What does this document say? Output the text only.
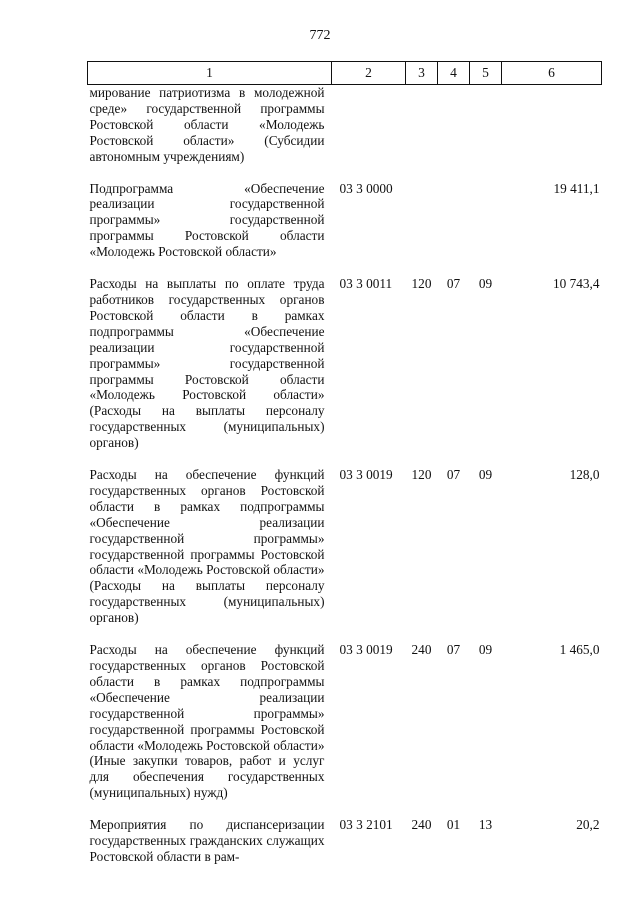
772
1	2	3	4	5	6
мирование патриотизма в молодежной среде» государственной программы Ростовской области «Молодежь Ростовской области» (Субсидии автономным учреждениям)					
Подпрограмма «Обеспечение реализации государственной программы» государственной программы Ростовской области «Молодежь Ростовской области»	03 3 0000				19 411,1
Расходы на выплаты по оплате труда работников государственных органов Ростовской области в рамках подпрограммы «Обеспечение реализации государственной программы» государственной программы Ростовской области «Молодежь Ростовской области» (Расходы на выплаты персоналу государственных (муниципальных) органов)	03 3 0011	120	07	09	10 743,4
Расходы на обеспечение функций государственных органов Ростовской области в рамках подпрограммы «Обеспечение реализации государственной программы» государственной программы Ростовской области «Молодежь Ростовской области» (Расходы на выплаты персоналу государственных (муниципальных) органов)	03 3 0019	120	07	09	128,0
Расходы на обеспечение функций государственных органов Ростовской области в рамках подпрограммы «Обеспечение реализации государственной программы» государственной программы Ростовской области «Молодежь Ростовской области» (Иные закупки товаров, работ и услуг для обеспечения государственных (муниципальных) нужд)	03 3 0019	240	07	09	1 465,0
Мероприятия по диспансеризации государственных гражданских служащих Ростовской области в рам-	03 3 2101	240	01	13	20,2
